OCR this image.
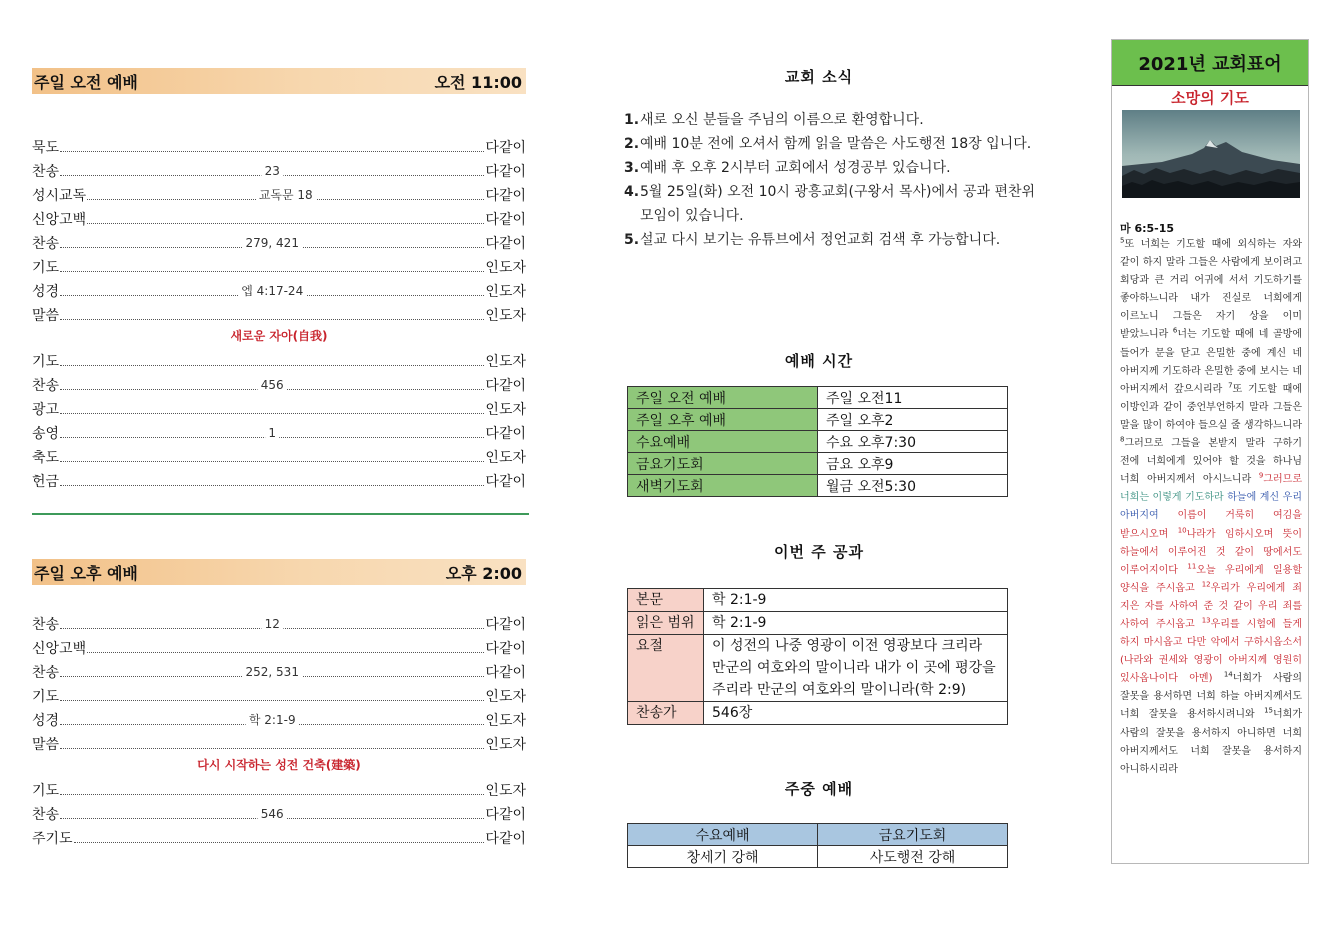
주일 오전 예배	오전 11:00
묵도	다같이
찬송	23	다같이
성시교독	교독문 18	다같이
신앙고백	다같이
찬송	279, 421	다같이
기도	인도자
성경	엡 4:17-24	인도자
말씀	인도자
새로운 자아(自我)
기도	인도자
찬송	456	다같이
광고	인도자
송영	1	다같이
축도	인도자
헌금	다같이
주일 오후 예배	오후 2:00
찬송	12	다같이
신앙고백	다같이
찬송	252, 531	다같이
기도	인도자
성경	학 2:1-9	인도자
말씀	인도자
다시 시작하는 성전 건축(建築)
기도	인도자
찬송	546	다같이
주기도	다같이
교회 소식
1. 새로 오신 분들을 주님의 이름으로 환영합니다.
2. 예배 10분 전에 오셔서 함께 읽을 말씀은 사도행전 18장 입니다.
3. 예배 후 오후 2시부터 교회에서 성경공부 있습니다.
4. 5월 25일(화) 오전 10시 광흥교회(구왕서 목사)에서 공과 편찬위 모임이 있습니다.
5. 설교 다시 보기는 유튜브에서 정언교회 검색 후 가능합니다.
예배 시간
주일 오전 예배	주일 오전11
주일 오후 예배	주일 오후2
수요예배	수요 오후7:30
금요기도회	금요 오후9
새벽기도회	월금 오전5:30
이번 주 공과
본문	학 2:1-9
읽은 범위	학 2:1-9
요절	이 성전의 나중 영광이 이전 영광보다 크리라 만군의 여호와의 말이니라 내가 이 곳에 평강을 주리라 만군의 여호와의 말이니라(학 2:9)
찬송가	546장
주중 예배
수요예배	금요기도회
창세기 강해	사도행전 강해
2021년 교회표어
소망의 기도
마 6:5-15
$^5$또 너희는 기도할 때에 외식하는 자와 같이 하지 말라 그들은 사람에게 보이려고 회당과 큰 거리 어귀에 서서 기도하기를 좋아하느니라 내가 진실로 너희에게 이르노니 그들은 자기 상을 이미 받았느니라 $^6$너는 기도할 때에 네 골방에 들어가 문을 닫고 은밀한 중에 계신 네 아버지께 기도하라 은밀한 중에 보시는 네 아버지께서 갚으시리라 $^7$또 기도할 때에 이방인과 같이 중언부언하지 말라 그들은 말을 많이 하여야 들으실 줄 생각하느니라 $^8$그러므로 그들을 본받지 말라 구하기 전에 너희에게 있어야 할 것을 하나님 너희 아버지께서 아시느니라 $^9$그러므로 너희는 이렇게 기도하라 하늘에 계신 우리 아버지여 이름이 거룩히 여김을 받으시오며 $^{10}$나라가 임하시오며 뜻이 하늘에서 이루어진 것 같이 땅에서도 이루어지이다 $^{11}$오늘 우리에게 일용할 양식을 주시옵고 $^{12}$우리가 우리에게 죄 지은 자를 사하여 준 것 같이 우리 죄를 사하여 주시옵고 $^{13}$우리를 시험에 들게 하지 마시옵고 다만 악에서 구하시옵소서 (나라와 권세와 영광이 아버지께 영원히 있사옵나이다 아멘) $^{14}$너희가 사람의 잘못을 용서하면 너희 하늘 아버지께서도 너희 잘못을 용서하시려니와 $^{15}$너희가 사람의 잘못을 용서하지 아니하면 너희 아버지께서도 너희 잘못을 용서하지 아니하시리라
